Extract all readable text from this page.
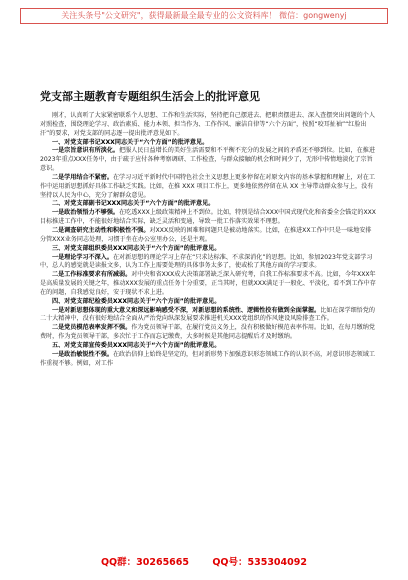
关注头条号"公文研究"，获得最新最全最专业的公文资料库！ 微信：gongwenyj
党支部主题教育专题组织生活会上的批评意见

刚才，认真听了大家紧密联系个人思想、工作和生活实际，坚持把自己摆进去、把职责摆进去、深入查摆突出问题的个人对照检查，围绕理论学习、政治素质、能力本领、担当作为、工作作风、廉洁自律等“六个方面”，按照“咬耳扯袖”“红脸出汗”的要求，对党支部的同志逐一提出批评意见如下。

一、对党支部书记XXX同志关于“六个方面”的批评意见。

一是宗旨意识有所淡化。把服人民日益增长的美好生活需要和不平衡不充分的发展之间的矛盾还不够到位。比如，在推进2023年重点XXX任务中，由于疏于应付各种考察调研、工作检查，与群众接触的机会和时间少了，无形中传惰地淡化了宗旨意识。

二是学用结合不紧密。在学习习近平新时代中国特色社会主义思想上更多停留在对原文内容的基本掌握和理解上，对在工作中运用新思想抓好具体工作缺乏实践。比如，在推 XXX 项目工作上，更多地依然停留在从 XX 主导带动群众参与上，没有坚持以人民为中心，充分了解群众意见。

二、对党支部副书记XXX同志关于“六个方面”的批评意见。

一是政治领悟力不够强。在吃透XXX上级政策精神上不到位。比如，特别是结合XXX中国式现代化和省委全会锚定的XXX目标推进工作中，不能很好地结合实际，缺乏灵活和变通，导致一批工作落实效果不理想。

二是调查研究主动性和积极性不强。对XXX反映的困难和问题只是被动地落实。比如，在推进XX工作中只是一味地安排分管XXX业务同志处理，习惯于坐在办公室里办公，还是主观。

三、对党支部组织委员XXX同志关于“六个方面”的批评意见。

一是理论学习不深入。在对新思想的理论学习上存在“只求达标准、不求深消化”的思想。比如，参加2023年党支部学习中，总人的感觉就是读报文多，认为工作上需要处理的具体事务太多了，使或松了其他方面的学习要求。

二是工作标准要求有所减弱。对中央和省XXX成大决策部署缺乏深入研究考，自我工作标准要求不高。比如，今年XXX年是高质量发展的关键之年，推动XXX发展的重点任务十分重要，正当其时，但就XXX满足于一般化、平淡化，看不到工作中存在的问题，自我感觉良好，安于现状不求上进。

四、对党支部纪检委员XXX同志关于“六个方面”的批评意见。

一是对新思想体现的重大意义和深远影响感受不深，对新思想的系统性、逻辑性投有做到全面掌握。比如在深学细悟党的二十大精神中，没有很好地结合全面从严治党向纵深发展要求推进机关XXX党组织的作风建设风险排查工作。

二是党员模范表率发挥不强。作为党员领导干部，在履行党员义务上，没有积极做好模范表率作用。比如，在每月缴纳党费时，作为党员领导干部，多次忙于工作而忘记缴费，大多时候是其他同志提醒后才及时缴纳。

五、对党支部宣传委员XXX同志关于“六个方面”的批评意见。

一是政治敏锐性不强。在政治信仰上始终是坚定的，但对新形势下加强意识形态领域工作的认识不高，对意识形态领域工作重视不够。例如，对工作

QQ群：30265665 QQ号：535304092
